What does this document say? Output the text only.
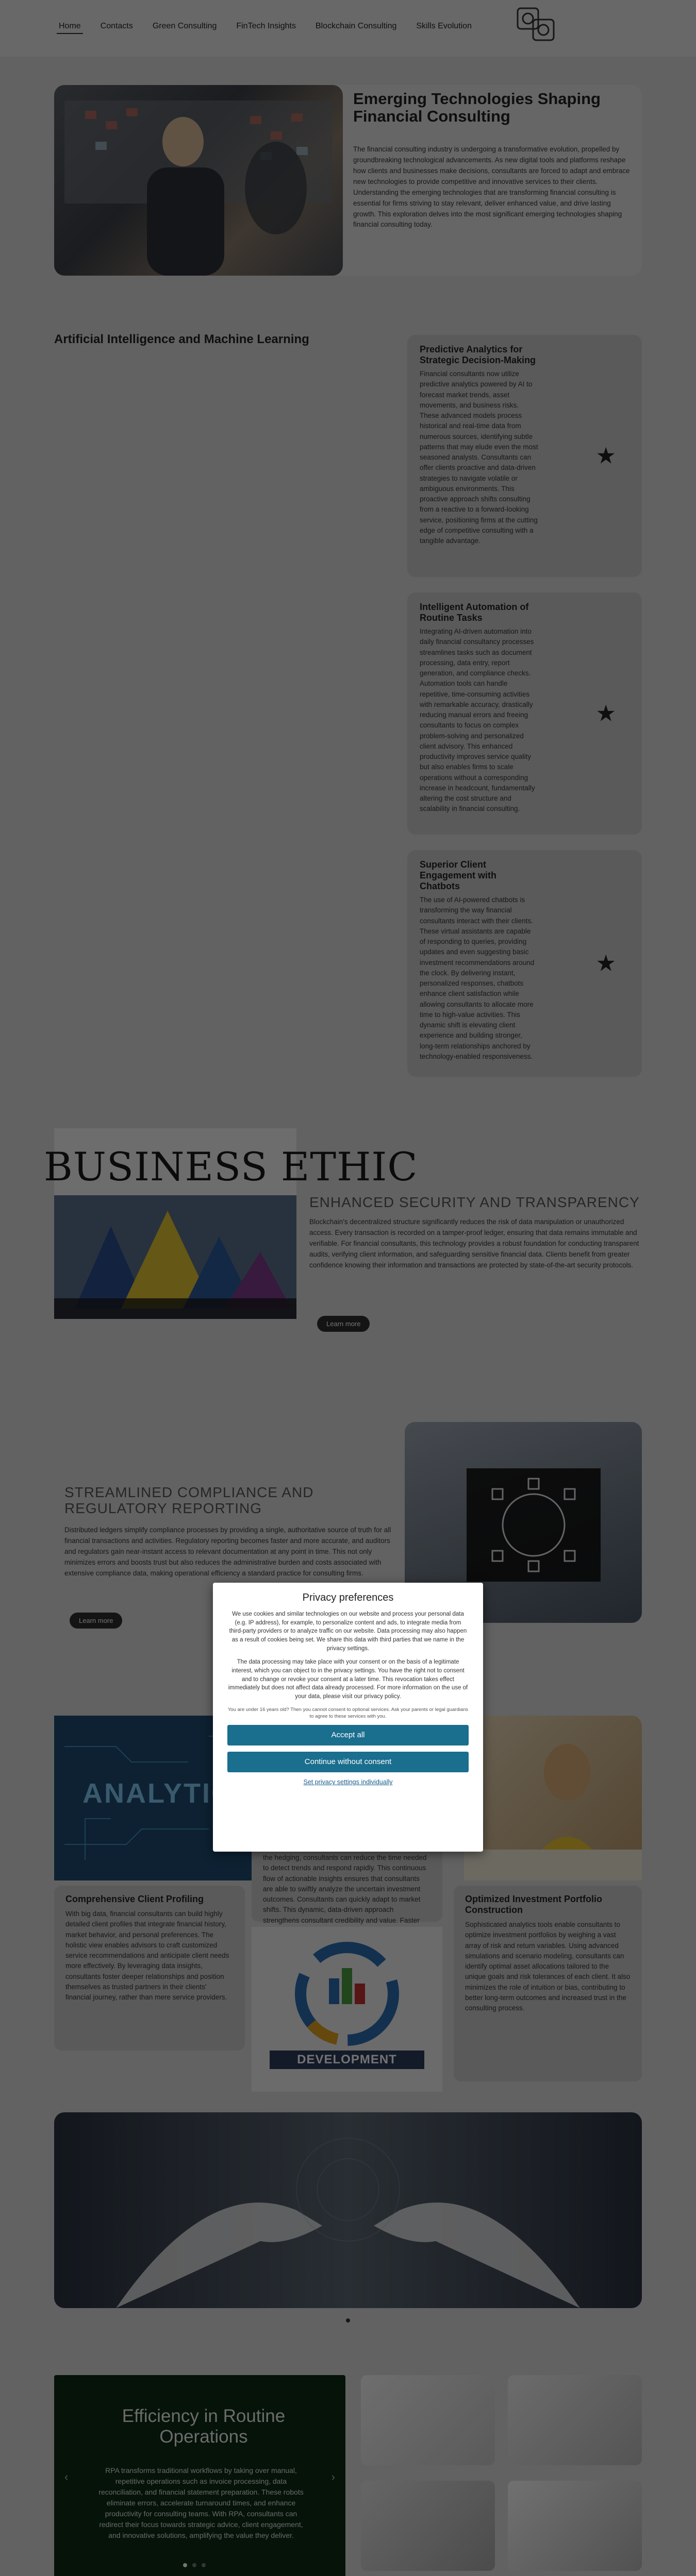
Privacy preferences

We use cookies and similar technologies on our website and process your personal data (e.g. IP address), for example, to personalize content and ads, to integrate media from third-party providers or to analyze traffic on our website. Data processing may also happen as a result of cookies being set. We share this data with third parties that we name in the privacy settings.

The data processing may take place with your consent or on the basis of a legitimate interest, which you can object to in the privacy settings. You have the right not to consent and to change or revoke your consent at a later time. This revocation takes effect immediately but does not affect data already processed. For more information on the use of your data, please visit our privacy policy.

You are under 16 years old? Then you cannot consent to optional services. Ask your parents or legal guardians to agree to these services with you.
Accept all
Continue without consent
Set privacy settings individually
